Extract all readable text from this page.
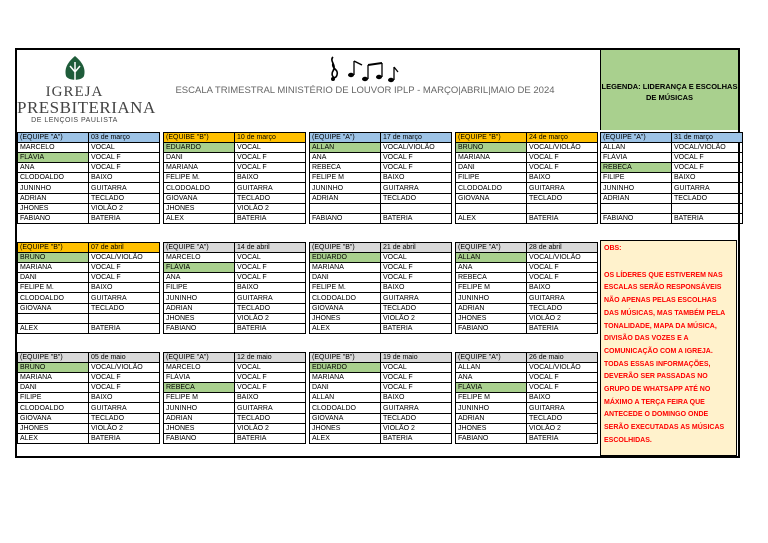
IGREJA
PRESBITERIANA
DE LENÇOIS PAULISTA
ESCALA TRIMESTRAL MINISTÉRIO DE LOUVOR IPLP - MARÇO|ABRIL|MAIO DE 2024	LEGENDA: LIDERANÇA E ESCOLHAS DE MÚSICAS
(EQUIPE "A")	03 de março
MARCELO	VOCAL
FLÁVIA	VOCAL F
ANA	VOCAL F
CLODOALDO	BAIXO
JUNINHO	GUITARRA
ADRIAN	TECLADO
JHONES	VIOLÃO 2
FABIANO	BATERIA
(EQUIBE "B")	10 de março
EDUARDO	VOCAL
DANI	VOCAL F
MARIANA	VOCAL F
FELIPE M.	BAIXO
CLODOALDO	GUITARRA
GIOVANA	TECLADO
JHONES	VIOLÃO 2
ALEX	BATERIA
(EQUIPE "A")	17 de março
ALLAN	VOCAL/VIOLÃO
ANA	VOCAL F
REBECA	VOCAL F
FELIPE M	BAIXO
JUNINHO	GUITARRA
ADRIAN	TECLADO

FABIANO	BATERIA
(EQUIPE "B")	24 de março
BRUNO	VOCAL/VIOLÃO
MARIANA	VOCAL F
DANI	VOCAL F
FILIPE	BAIXO
CLODOALDO	GUITARRA
GIOVANA	TECLADO

ALEX	BATERIA
(EQUIPE "A")	31 de março
ALLAN	VOCAL/VIOLÃO
FLÁVIA	VOCAL F
REBECA	VOCAL F
FILIPE	BAIXO
JUNINHO	GUITARRA
ADRIAN	TECLADO

FABIANO	BATERIA
(EQUIPE "B")	07 de abril
BRUNO	VOCAL/VIOLÃO
MARIANA	VOCAL F
DANI	VOCAL F
FELIPE M.	BAIXO
CLODOALDO	GUITARRA
GIOVANA	TECLADO

ALEX	BATERIA
(EQUIPE "A")	14 de abril
MARCELO	VOCAL
FLÁVIA	VOCAL F
ANA	VOCAL F
FILIPE	BAIXO
JUNINHO	GUITARRA
ADRIAN	TECLADO
JHONES	VIOLÃO 2
FABIANO	BATERIA
(EQUIPE "B")	21 de abril
EDUARDO	VOCAL
MARIANA	VOCAL F
DANI	VOCAL F
FELIPE M.	BAIXO
CLODOALDO	GUITARRA
GIOVANA	TECLADO
JHONES	VIOLÃO 2
ALEX	BATERIA
(EQUIPE "A")	28 de abril
ALLAN	VOCAL/VIOLÃO
ANA	VOCAL F
REBECA	VOCAL F
FELIPE M	BAIXO
JUNINHO	GUITARRA
ADRIAN	TECLADO
JHONES	VIOLÃO 2
FABIANO	BATERIA
(EQUIPE "B")	05 de maio
BRUNO	VOCAL/VIOLÃO
MARIANA	VOCAL F
DANI	VOCAL F
FILIPE	BAIXO
CLODOALDO	GUITARRA
GIOVANA	TECLADO
JHONES	VIOLÃO 2
ALEX	BATERIA
(EQUIPE "A")	12 de maio
MARCELO	VOCAL
FLÁVIA	VOCAL F
REBECA	VOCAL F
FELIPE M	BAIXO
JUNINHO	GUITARRA
ADRIAN	TECLADO
JHONES	VIOLÃO 2
FABIANO	BATERIA
(EQUIPE "B")	19 de maio
EDUARDO	VOCAL
MARIANA	VOCAL F
DANI	VOCAL F
ALLAN	BAIXO
CLODOALDO	GUITARRA
GIOVANA	TECLADO
JHONES	VIOLÃO 2
ALEX	BATERIA
(EQUIPE "A")	26 de maio
ALLAN	VOCAL/VIOLÃO
ANA	VOCAL F
FLÁVIA	VOCAL F
FELIPE M	BAIXO
JUNINHO	GUITARRA
ADRIAN	TECLADO
JHONES	VIOLÃO 2
FABIANO	BATERIA
OBS:
OS LÍDERES QUE ESTIVEREM NAS ESCALAS SERÃO RESPONSÁVEIS NÃO APENAS PELAS ESCOLHAS DAS MÚSICAS, MAS TAMBÉM PELA TONALIDADE, MAPA DA MÚSICA, DIVISÃO DAS VOZES E A COMUNICAÇÃO COM A IGREJA. TODAS ESSAS INFORMAÇÕES, DEVERÃO SER PASSADAS NO GRUPO DE WHATSAPP ATÉ NO MÁXIMO A TERÇA FEIRA QUE ANTECEDE O DOMINGO ONDE SERÃO EXECUTADAS AS MÚSICAS ESCOLHIDAS.
